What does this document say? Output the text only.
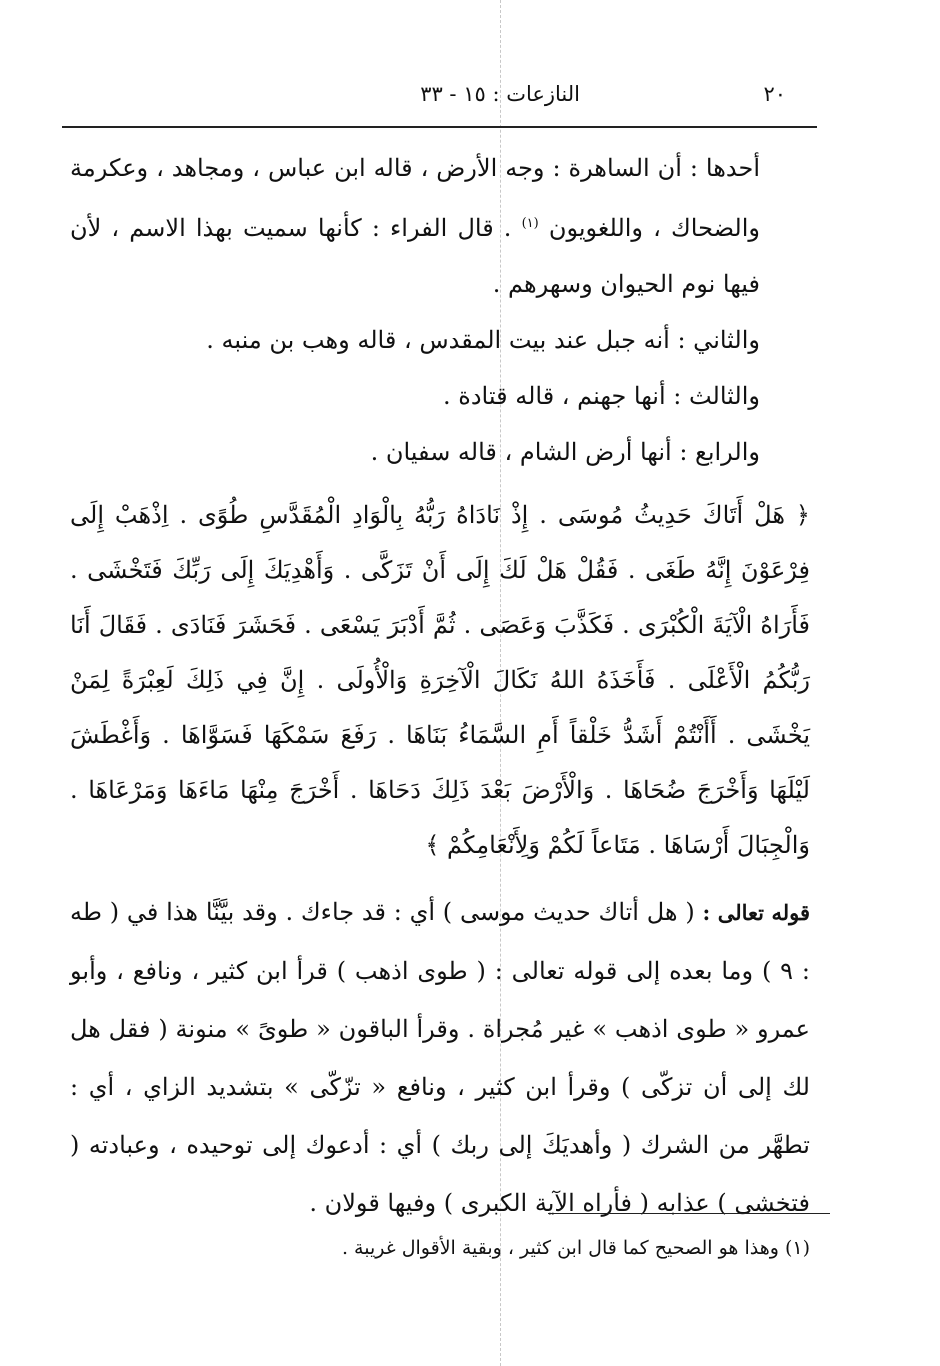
٢٠
النازعات : ١٥ - ٣٣

أحدها : أن الساهرة : وجه الأرض ، قاله ابن عباس ، ومجاهد ، وعكرمة والضحاك ، واللغويون $^{(١)}$ . قال الفراء : كأنها سميت بهذا الاسم ، لأن فيها نوم الحيوان وسهرهم .

والثاني : أنه جبل عند بيت المقدس ، قاله وهب بن منبه .

والثالث : أنها جهنم ، قاله قتادة .

والرابع : أنها أرض الشام ، قاله سفيان .

﴿ هَلْ أَتَاكَ حَدِيثُ مُوسَى . إِذْ نَادَاهُ رَبُّهُ بِالْوَادِ الْمُقَدَّسِ طُوًى . اِذْهَبْ إِلَى فِرْعَوْنَ إِنَّهُ طَغَى . فَقُلْ هَلْ لَكَ إِلَى أَنْ تَزَكَّى . وَأَهْدِيَكَ إِلَى رَبِّكَ فَتَخْشَى . فَأَرَاهُ الْآيَةَ الْكُبْرَى . فَكَذَّبَ وَعَصَى . ثُمَّ أَدْبَرَ يَسْعَى . فَحَشَرَ فَنَادَى . فَقَالَ أَنَا رَبُّكُمُ الْأَعْلَى . فَأَخَذَهُ اللهُ نَكَالَ الْآخِرَةِ وَالْأُولَى . إِنَّ فِي ذَلِكَ لَعِبْرَةً لِمَنْ يَخْشَى . أَأَنْتُمْ أَشَدُّ خَلْقاً أَمِ السَّمَاءُ بَنَاهَا . رَفَعَ سَمْكَهَا فَسَوَّاهَا . وَأَغْطَشَ لَيْلَهَا وَأَخْرَجَ ضُحَاهَا . وَالْأَرْضَ بَعْدَ ذَلِكَ دَحَاهَا . أَخْرَجَ مِنْهَا مَاءَهَا وَمَرْعَاهَا . وَالْجِبَالَ أَرْسَاهَا . مَتَاعاً لَكُمْ وَلِأَنْعَامِكُمْ ﴾

قوله تعالى : ( هل أتاك حديث موسى ) أي : قد جاءك . وقد بيَّنَّا هذا في ( طه : ٩ ) وما بعده إلى قوله تعالى : ( طوى اذهب ) قرأ ابن كثير ، ونافع ، وأبو عمرو « طوى اذهب » غير مُجراة . وقرأ الباقون « طوىً » منونة ( فقل هل لك إلى أن تزكّى ) وقرأ ابن كثير ، ونافع « تزّكّى » بتشديد الزاي ، أي : تطهَّر من الشرك ( وأهديَكَ إلى ربك ) أي : أدعوك إلى توحيده ، وعبادته ( فتخشى ) عذابه ( فأراه الآية الكبرى ) وفيها قولان .

(١) وهذا هو الصحيح كما قال ابن كثير ، وبقية الأقوال غريبة .
